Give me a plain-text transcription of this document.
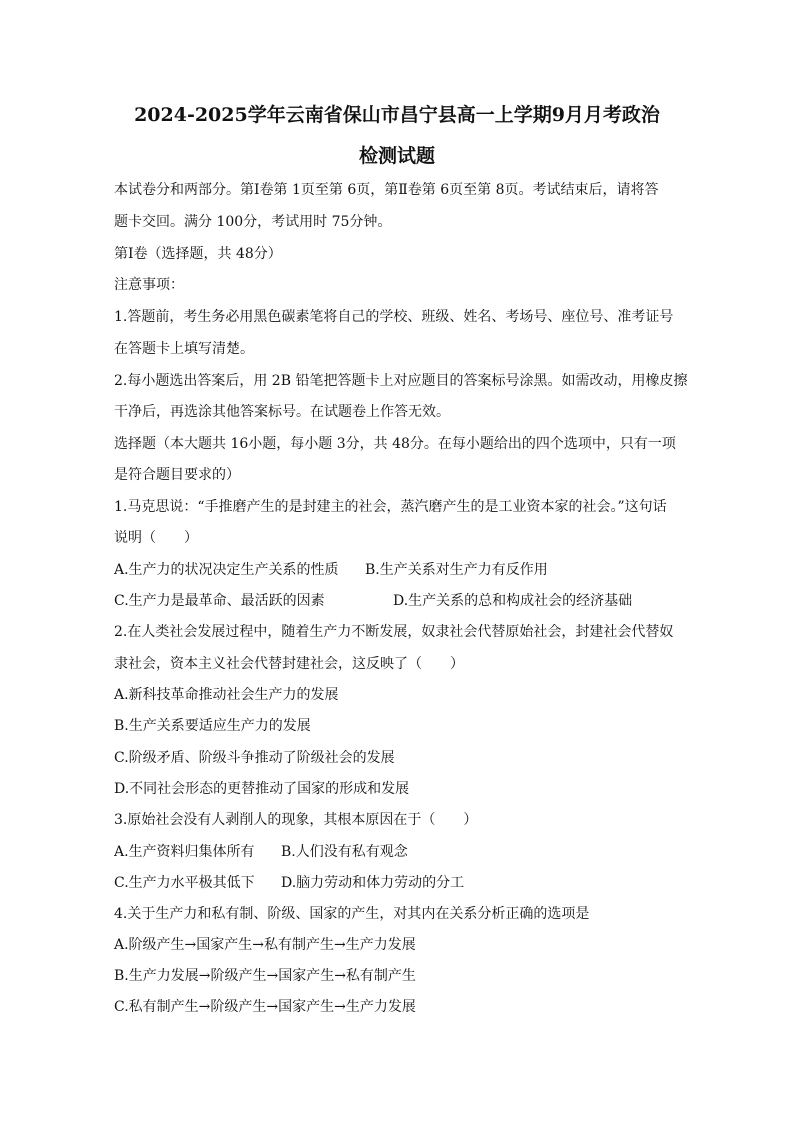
2024-2025学年云南省保山市昌宁县高一上学期9月月考政治
检测试题
本试卷分和两部分。第Ⅰ卷第 1页至第 6页，第Ⅱ卷第 6页至第 8页。考试结束后，请将答
题卡交回。满分 100分，考试用时 75分钟。
第Ⅰ卷（选择题，共 48分）
注意事项：
1.答题前，考生务必用黑色碳素笔将自己的学校、班级、姓名、考场号、座位号、准考证号
在答题卡上填写清楚。
2.每小题选出答案后，用 2B 铅笔把答题卡上对应题目的答案标号涂黑。如需改动，用橡皮擦
干净后，再选涂其他答案标号。在试题卷上作答无效。
选择题（本大题共 16小题，每小题 3分，共 48分。在每小题给出的四个选项中，只有一项
是符合题目要求的）
1.马克思说：“手推磨产生的是封建主的社会，蒸汽磨产生的是工业资本家的社会。”这句话
说明（　　）
A.生产力的状况决定生产关系的性质 B.生产关系对生产力有反作用
C.生产力是最革命、最活跃的因素	D.生产关系的总和构成社会的经济基础
2.在人类社会发展过程中，随着生产力不断发展，奴隶社会代替原始社会，封建社会代替奴
隶社会，资本主义社会代替封建社会，这反映了（　　）
A.新科技革命推动社会生产力的发展
B.生产关系要适应生产力的发展
C.阶级矛盾、阶级斗争推动了阶级社会的发展
D.不同社会形态的更替推动了国家的形成和发展
3.原始社会没有人剥削人的现象，其根本原因在于（　　）
A.生产资料归集体所有 B.人们没有私有观念
C.生产力水平极其低下 D.脑力劳动和体力劳动的分工
4.关于生产力和私有制、阶级、国家的产生，对其内在关系分析正确的选项是
A.阶级产生→国家产生→私有制产生→生产力发展
B.生产力发展→阶级产生→国家产生→私有制产生
C.私有制产生→阶级产生→国家产生→生产力发展
